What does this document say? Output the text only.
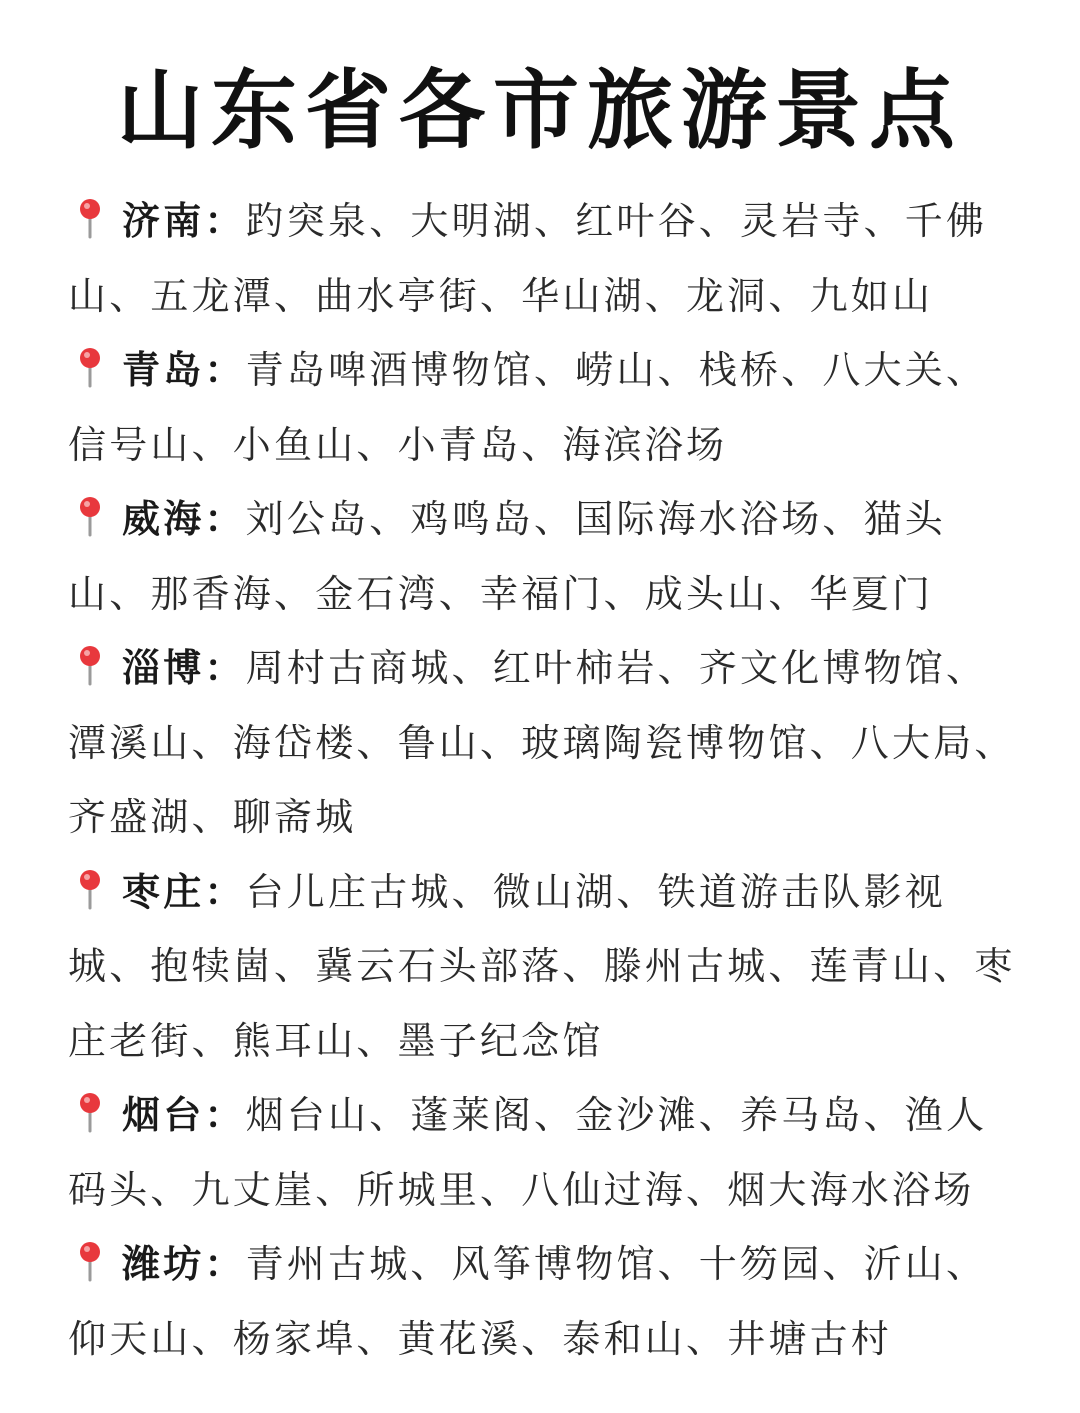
山东省各市旅游景点

济南：趵突泉、大明湖、红叶谷、灵岩寺、千佛山、五龙潭、曲水亭街、华山湖、龙洞、九如山

青岛：青岛啤酒博物馆、崂山、栈桥、八大关、信号山、小鱼山、小青岛、海滨浴场

威海：刘公岛、鸡鸣岛、国际海水浴场、猫头山、那香海、金石湾、幸福门、成头山、华夏门

淄博：周村古商城、红叶柿岩、齐文化博物馆、潭溪山、海岱楼、鲁山、玻璃陶瓷博物馆、八大局、齐盛湖、聊斋城

枣庄：台儿庄古城、微山湖、铁道游击队影视城、抱犊崮、冀云石头部落、滕州古城、莲青山、枣庄老街、熊耳山、墨子纪念馆

烟台：烟台山、蓬莱阁、金沙滩、养马岛、渔人码头、九丈崖、所城里、八仙过海、烟大海水浴场

潍坊：青州古城、风筝博物馆、十笏园、沂山、仰天山、杨家埠、黄花溪、泰和山、井塘古村
